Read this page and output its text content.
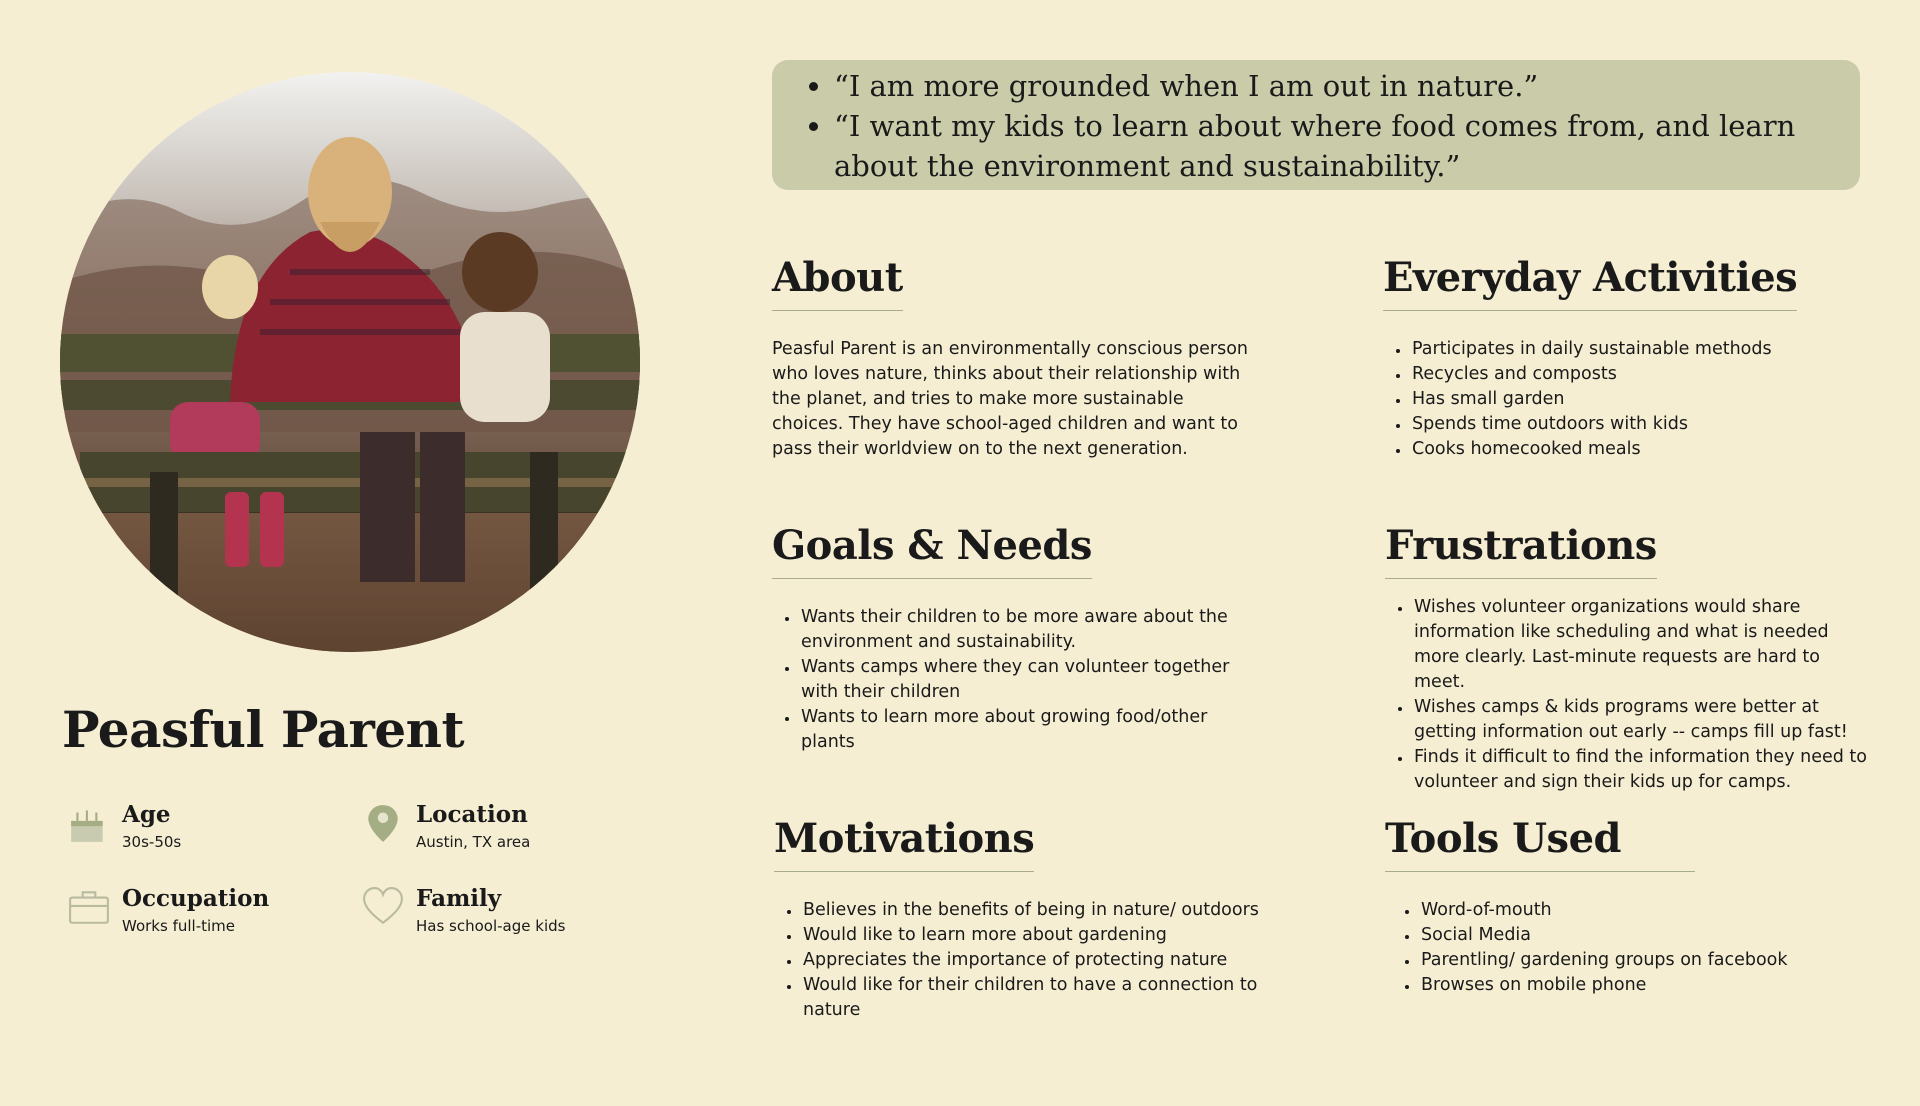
Peasful Parent
Age
30s-50s
Location
Austin, TX area
Occupation
Works full-time
Family
Has school-age kids
• “I am more grounded when I am out in nature.”
• “I want my kids to learn about where food comes from, and learn about the environment and sustainability.”
About

Peasful Parent is an environmentally conscious person who loves nature, thinks about their relationship with the planet, and tries to make more sustainable choices. They have school-aged children and want to pass their worldview on to the next generation.

Everyday Activities
• Participates in daily sustainable methods
• Recycles and composts
• Has small garden
• Spends time outdoors with kids
• Cooks homecooked meals
Goals & Needs
• Wants their children to be more aware about the environment and sustainability.
• Wants camps where they can volunteer together with their children
• Wants to learn more about growing food/other plants
Frustrations
• Wishes volunteer organizations would share information like scheduling and what is needed more clearly. Last-minute requests are hard to meet.
• Wishes camps & kids programs were better at getting information out early -- camps fill up fast!
• Finds it difficult to find the information they need to volunteer and sign their kids up for camps.
Motivations
• Believes in the benefits of being in nature/ outdoors
• Would like to learn more about gardening
• Appreciates the importance of protecting nature
• Would like for their children to have a connection to nature
Tools Used
• Word-of-mouth
• Social Media
• Parentling/ gardening groups on facebook
• Browses on mobile phone
